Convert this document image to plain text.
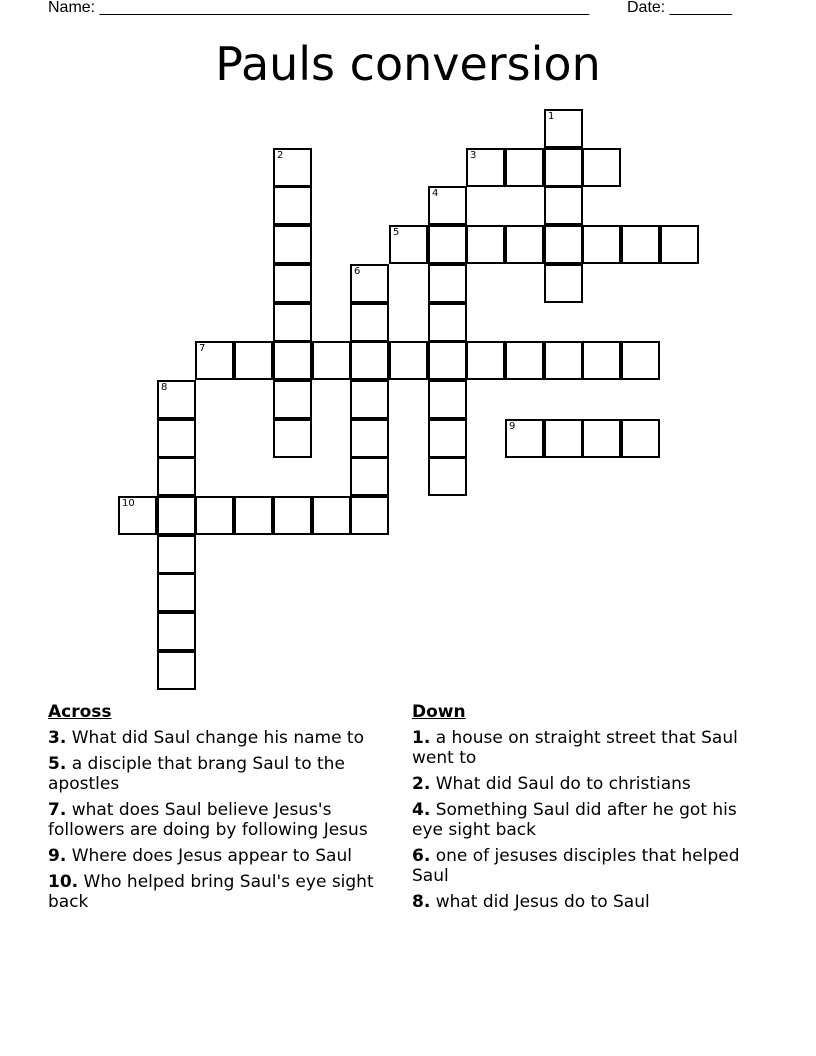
Name: _______________________________________________________ Date: _______
Pauls conversion
1
2	3
4
5
6
7
8
9
10
Across
3. What did Saul change his name to
5. a disciple that brang Saul to the apostles
7. what does Saul believe Jesus's followers are doing by following Jesus
9. Where does Jesus appear to Saul
10. Who helped bring Saul's eye sight back
Down
1. a house on straight street that Saul went to
2. What did Saul do to christians
4. Something Saul did after he got his eye sight back
6. one of jesuses disciples that helped Saul
8. what did Jesus do to Saul
